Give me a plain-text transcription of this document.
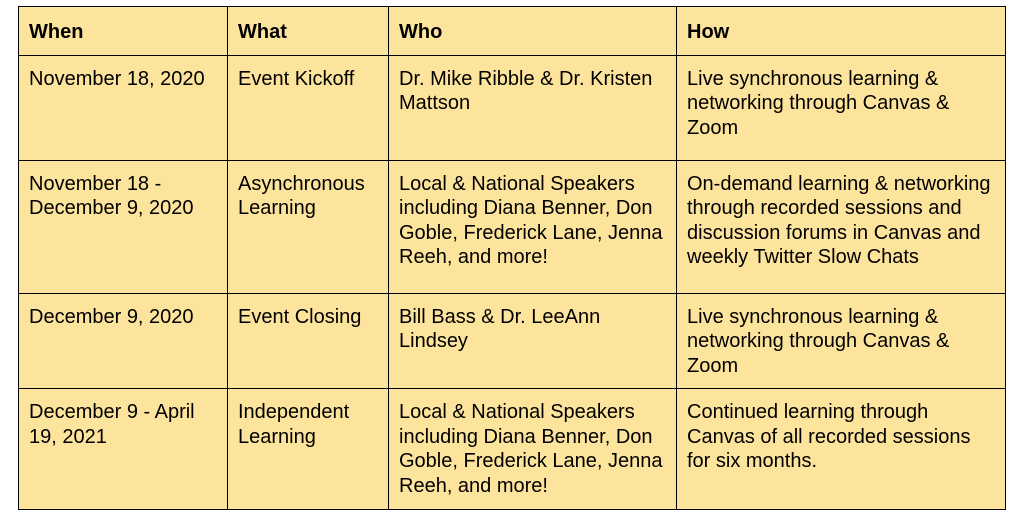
When	What	Who	How
November 18, 2020	Event Kickoff	Dr. Mike Ribble & Dr. Kristen Mattson	Live synchronous learning & networking through Canvas & Zoom
November 18 - December 9, 2020	Asynchronous Learning	Local & National Speakers including Diana Benner, Don Goble, Frederick Lane, Jenna Reeh, and more!	On-demand learning & networking through recorded sessions and discussion forums in Canvas and weekly Twitter Slow Chats
December 9, 2020	Event Closing	Bill Bass & Dr. LeeAnn Lindsey	Live synchronous learning & networking through Canvas & Zoom
December 9 - April 19, 2021	Independent Learning	Local & National Speakers including Diana Benner, Don Goble, Frederick Lane, Jenna Reeh, and more!	Continued learning through Canvas of all recorded sessions for six months.
